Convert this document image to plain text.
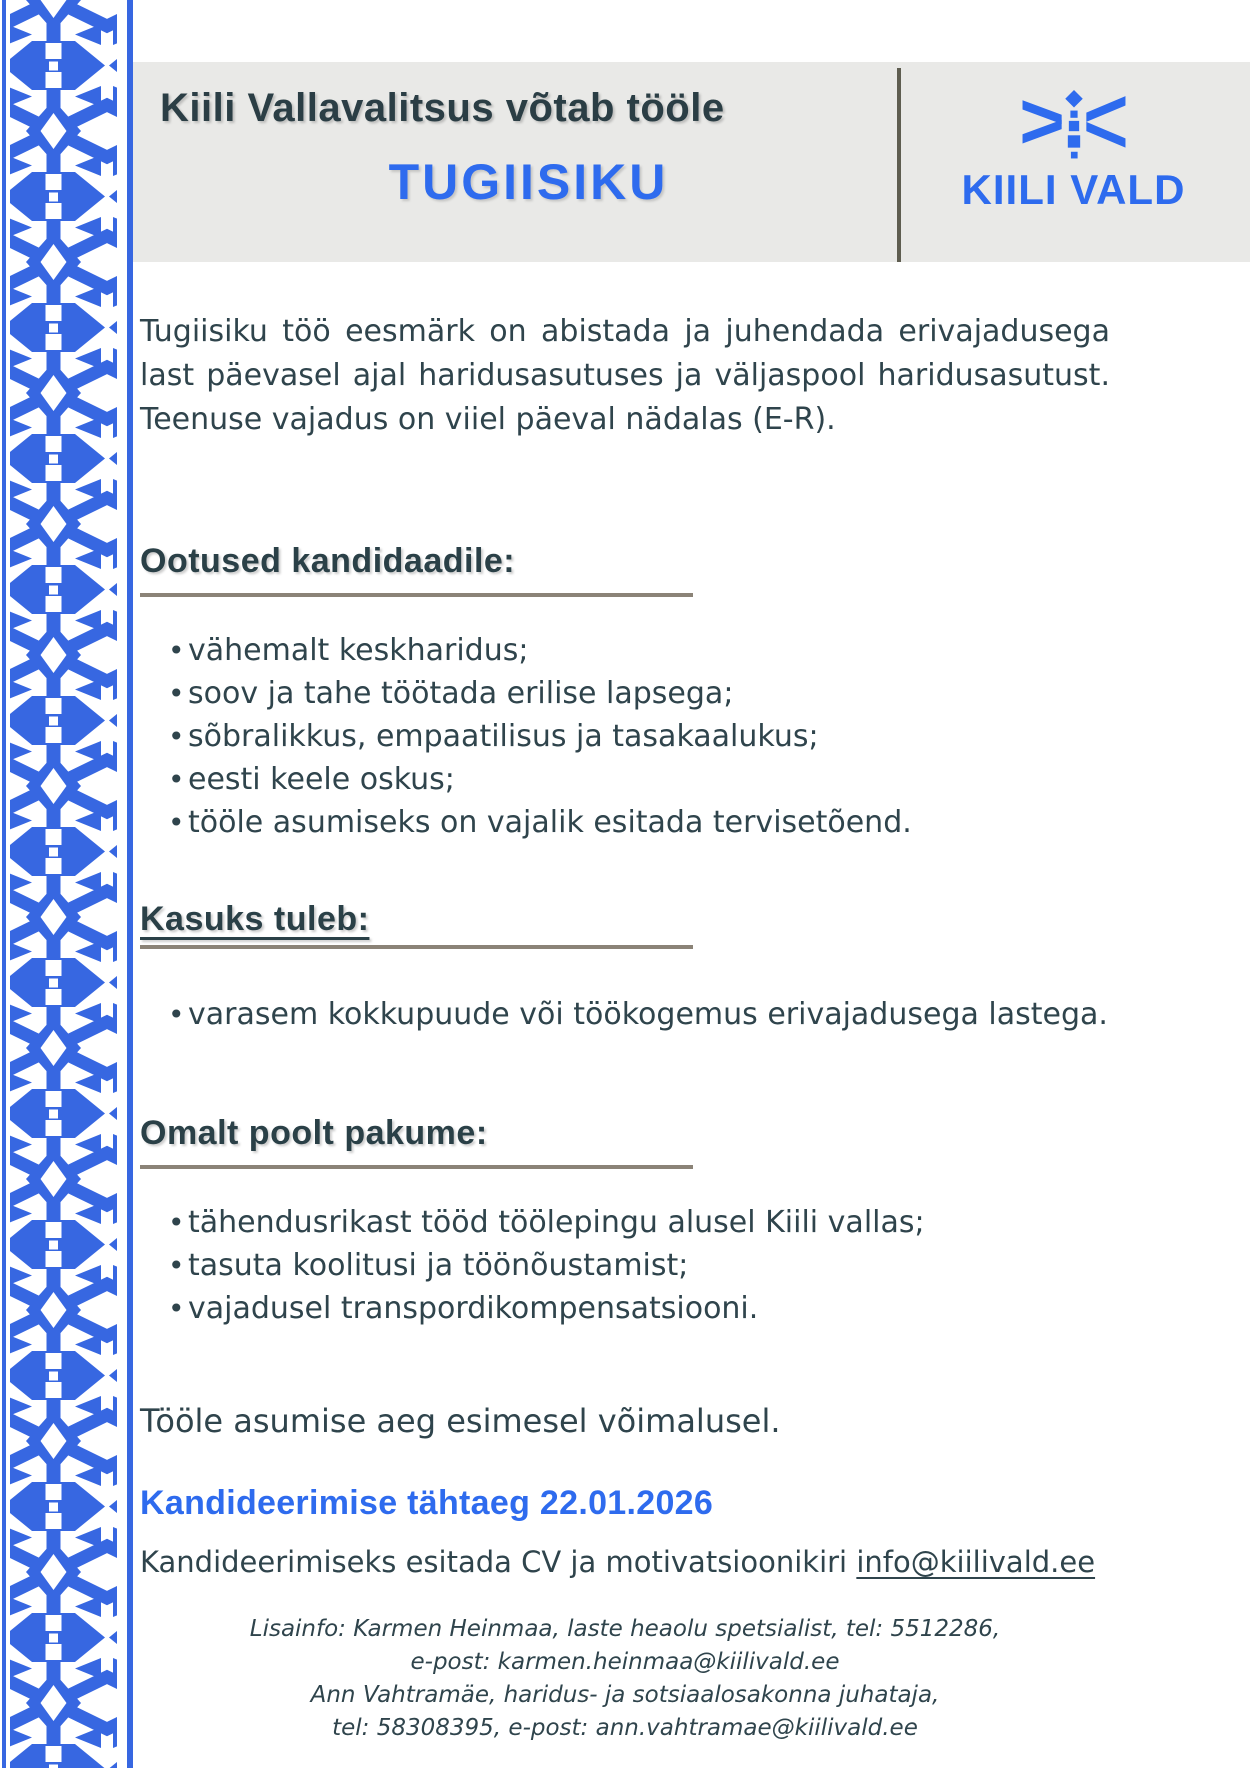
Kiili Vallavalitsus võtab tööle
TUGIISIKU	KIILI VALD

Tugiisiku töö eesmärk on abistada ja juhendada erivajadusega last päevasel ajal haridusasutuses ja väljaspool haridusasutust. Teenuse vajadus on viiel päeval nädalas (E-R).

Ootused kandidaadile:
• vähemalt keskharidus;
• soov ja tahe töötada erilise lapsega;
• sõbralikkus, empaatilisus ja tasakaalukus;
• eesti keele oskus;
• tööle asumiseks on vajalik esitada tervisetõend.
Kasuks tuleb:
• varasem kokkupuude või töökogemus erivajadusega lastega.
Omalt poolt pakume:
• tähendusrikast tööd töölepingu alusel Kiili vallas;
• tasuta koolitusi ja töönõustamist;
• vajadusel transpordikompensatsiooni.

Tööle asumise aeg esimesel võimalusel.

Kandideerimise tähtaeg 22.01.2026

Kandideerimiseks esitada CV ja motivatsioonikiri info@kiilivald.ee

Lisainfo: Karmen Heinmaa, laste heaolu spetsialist, tel: 5512286,
e-post: karmen.heinmaa@kiilivald.ee
Ann Vahtramäe, haridus- ja sotsiaalosakonna juhataja,
tel: 58308395, e-post: ann.vahtramae@kiilivald.ee
